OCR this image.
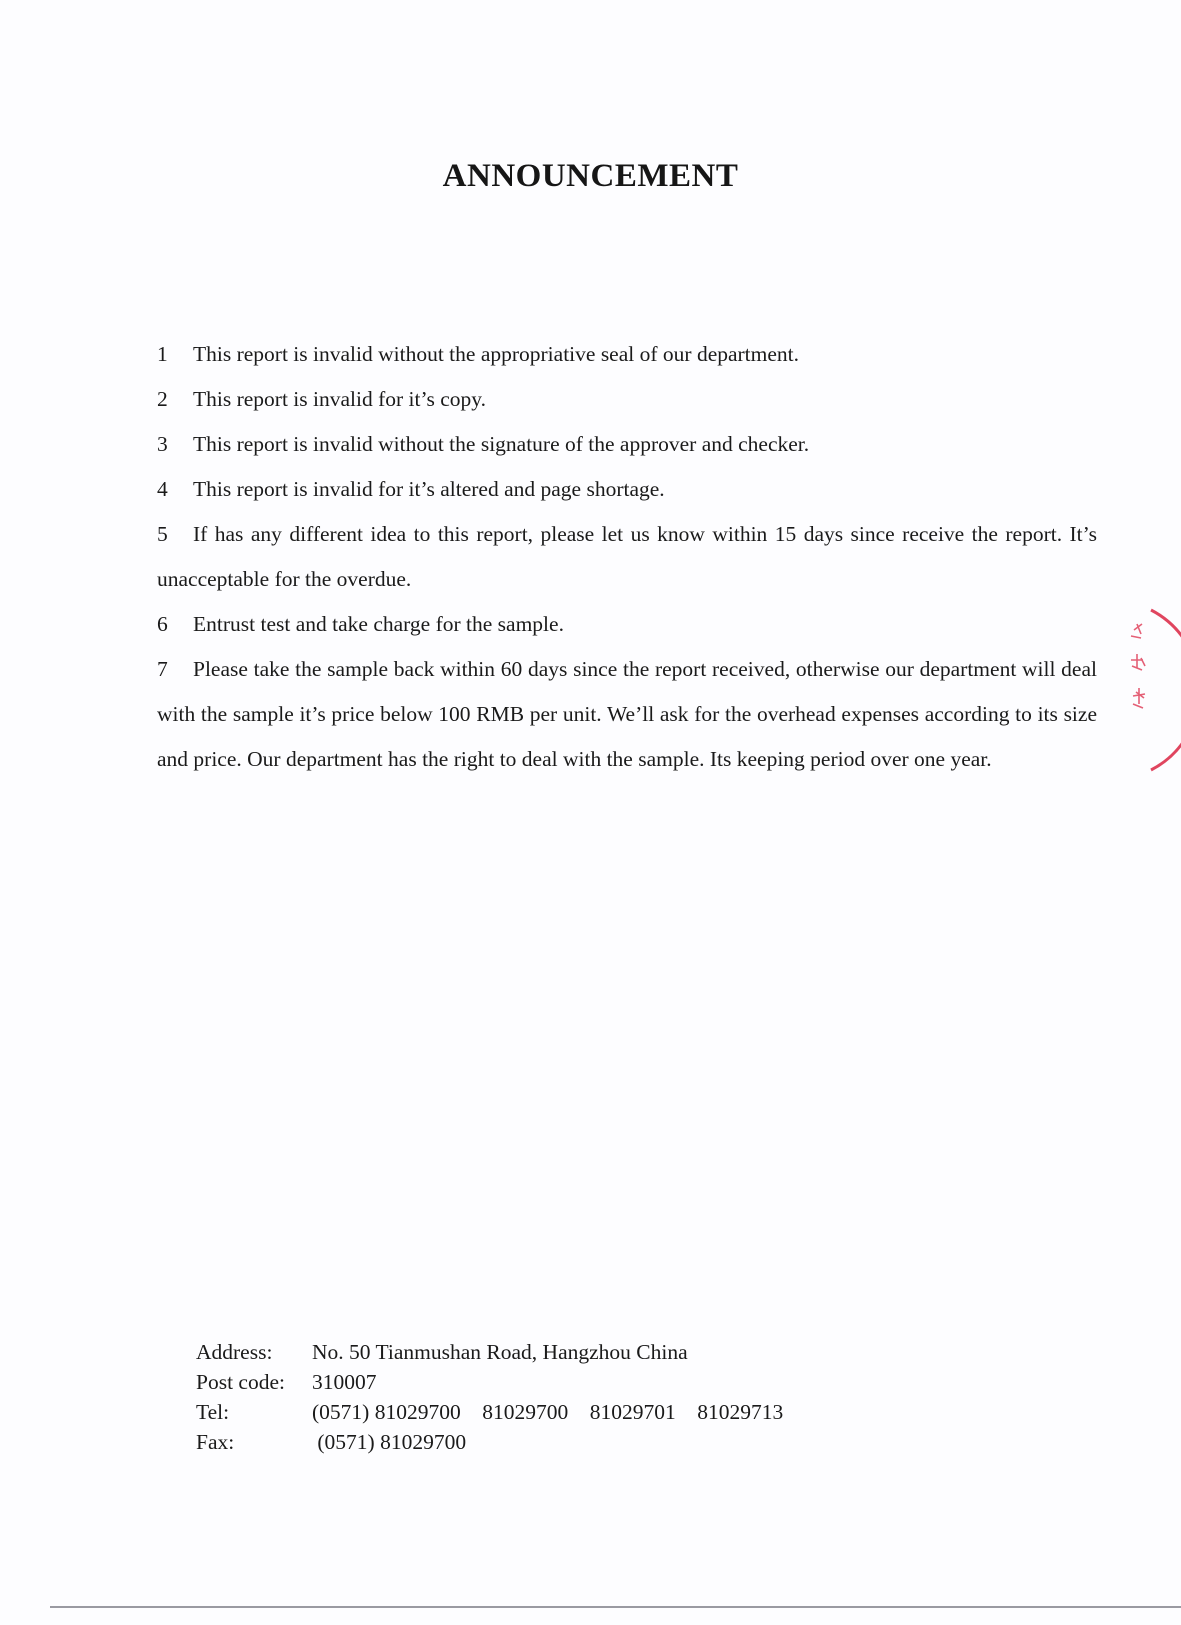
ANNOUNCEMENT

1 This report is invalid without the appropriative seal of our department.

2 This report is invalid for it’s copy.

3 This report is invalid without the signature of the approver and checker.

4 This report is invalid for it’s altered and page shortage.

5 If has any different idea to this report, please let us know within 15 days since receive the report. It’s unacceptable for the overdue.

6 Entrust test and take charge for the sample.

7 Please take the sample back within 60 days since the report received, otherwise our department will deal with the sample it’s price below 100 RMB per unit. We’ll ask for the overhead expenses according to its size and price. Our department has the right to deal with the sample. Its keeping period over one year.

Address:	No. 50 Tianmushan Road, Hangzhou China
Post code:	310007
Tel:	(0571) 81029700    81029700    81029701    81029713
Fax:	(0571) 81029700
